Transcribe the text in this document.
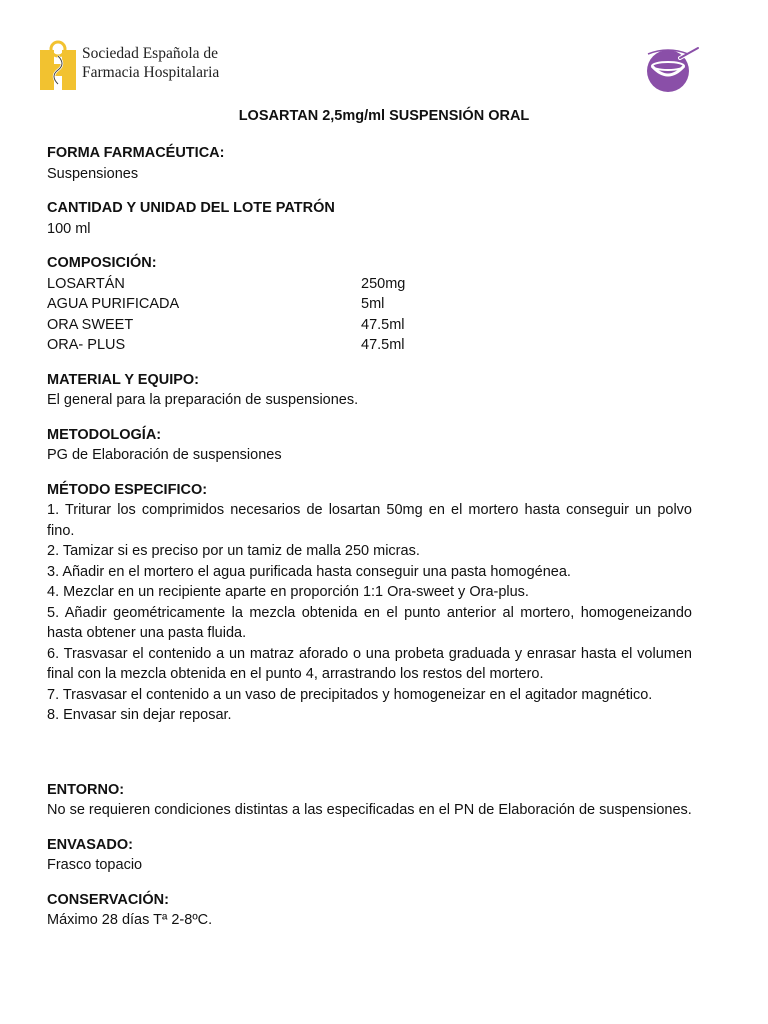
Sociedad Española de
Farmacia Hospitalaria
LOSARTAN 2,5mg/ml SUSPENSIÓN ORAL
FORMA FARMACÉUTICA:

Suspensiones

CANTIDAD Y UNIDAD DEL LOTE PATRÓN

100 ml

COMPOSICIÓN:
LOSARTÁN	250mg
AGUA PURIFICADA	5ml
ORA SWEET	47.5ml
ORA- PLUS	47.5ml
MATERIAL Y EQUIPO:

El general para la preparación de suspensiones.

METODOLOGÍA:

PG de Elaboración de suspensiones

MÉTODO ESPECIFICO:

1. Triturar los comprimidos necesarios de losartan 50mg en el mortero hasta conseguir un polvo fino.

2. Tamizar si es preciso por un tamiz de malla 250 micras.

3. Añadir en el mortero el agua purificada hasta conseguir una pasta homogénea.

4. Mezclar en un recipiente aparte en proporción 1:1 Ora-sweet y Ora-plus.

5. Añadir geométricamente la mezcla obtenida en el punto anterior al mortero, homogeneizando hasta obtener una pasta fluida.

6. Trasvasar el contenido a un matraz aforado o una probeta graduada y enrasar hasta el volumen final con la mezcla obtenida en el punto 4, arrastrando los restos del mortero.

7. Trasvasar el contenido a un vaso de precipitados y homogeneizar en el agitador magnético.

8. Envasar sin dejar reposar.

ENTORNO:

No se requieren condiciones distintas a las especificadas en el PN de Elaboración de suspensiones.

ENVASADO:

Frasco topacio

CONSERVACIÓN:

Máximo 28 días Tª 2-8ºC.
